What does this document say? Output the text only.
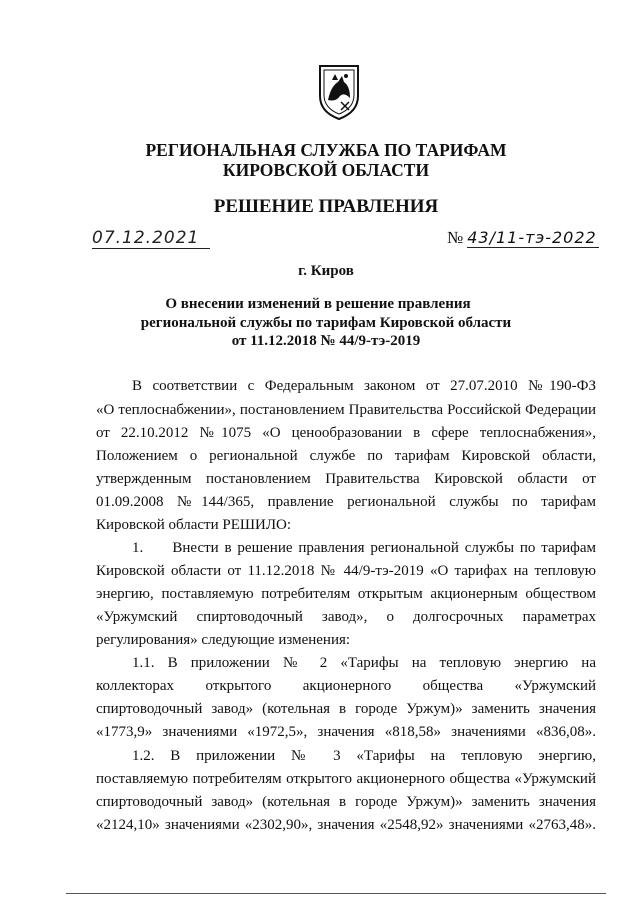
РЕГИОНАЛЬНАЯ СЛУЖБА ПО ТАРИФАМ
КИРОВСКОЙ ОБЛАСТИ
РЕШЕНИЕ ПРАВЛЕНИЯ
07.12.2021	№ 43/11-тэ-2022
г. Киров
О внесении изменений в решение правления
региональной службы по тарифам Кировской области
от 11.12.2018 № 44/9-тэ-2019
В соответствии с Федеральным законом от 27.07.2010 №190-ФЗ
«О теплоснабжении», постановлением Правительства Российской Федерации
от 22.10.2012 №1075 «О ценообразовании в сфере теплоснабжения»,
Положением о региональной службе по тарифам Кировской области,
утвержденным постановлением Правительства Кировской области от
01.09.2008 №144/365, правление региональной службы по тарифам
Кировской области РЕШИЛО:
1.     Внести в решение правления региональной службы по тарифам
Кировской области от 11.12.2018 № 44/9-тэ-2019 «О тарифах на тепловую
энергию, поставляемую потребителям открытым акционерным обществом
«Уржумский спиртоводочный завод», о долгосрочных параметрах
регулирования» следующие изменения:
1.1. В приложении № 2 «Тарифы на тепловую энергию на
коллекторах открытого акционерного общества «Уржумский
спиртоводочный завод» (котельная в городе Уржум)» заменить значения
«1773,9» значениями «1972,5», значения «818,58» значениями «836,08».
1.2. В приложении № 3 «Тарифы на тепловую энергию,
поставляемую потребителям открытого акционерного общества «Уржумский
спиртоводочный завод» (котельная в городе Уржум)» заменить значения
«2124,10» значениями «2302,90», значения «2548,92» значениями «2763,48».
